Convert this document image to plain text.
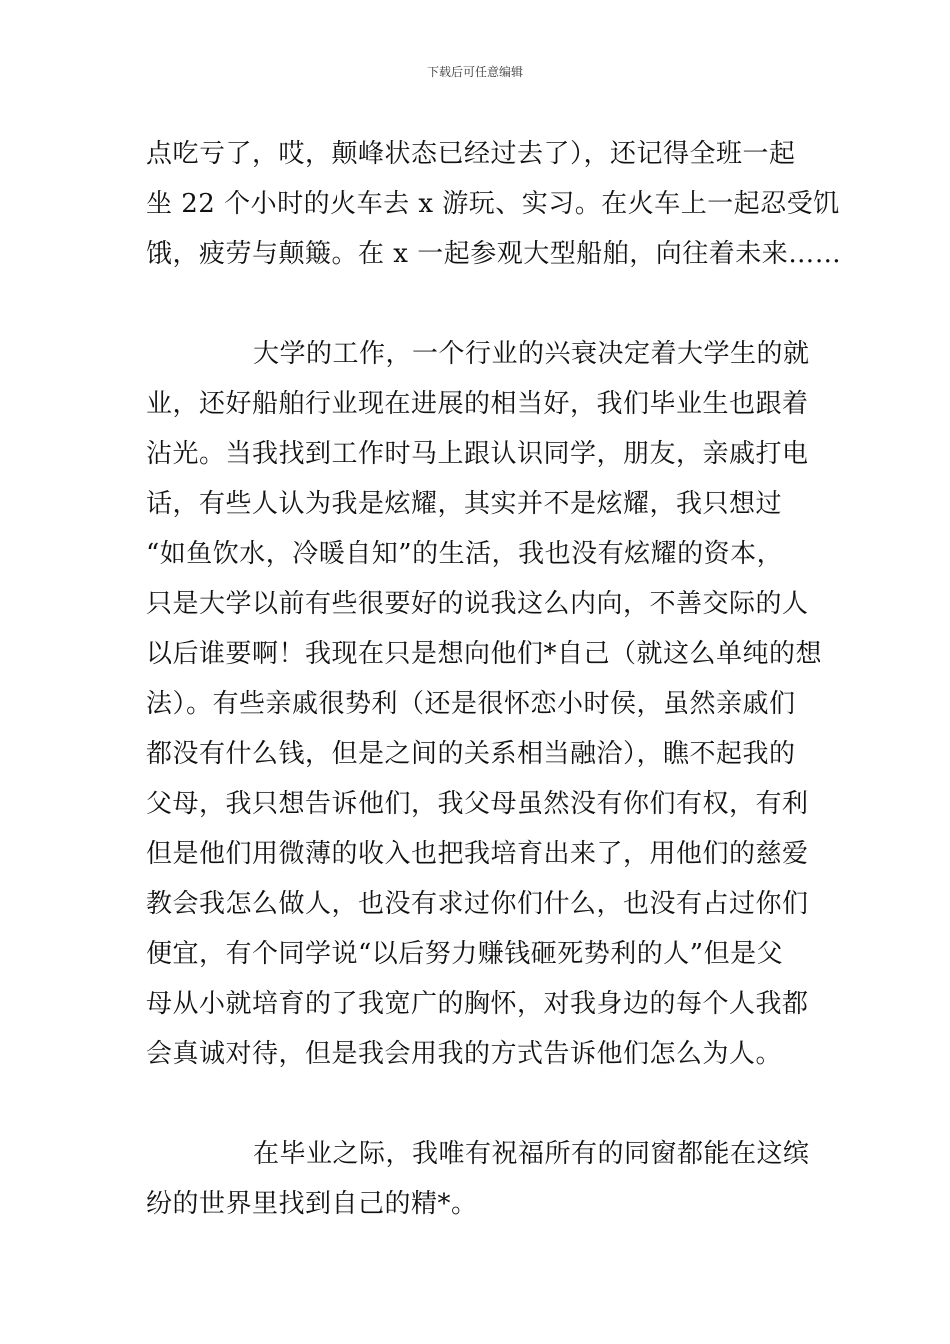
下载后可任意编辑
点吃亏了，哎，颠峰状态已经过去了），还记得全班一起
坐 22 个小时的火车去 x 游玩、实习。在火车上一起忍受饥
饿，疲劳与颠簸。在 x 一起参观大型船舶，向往着未来……
大学的工作，一个行业的兴衰决定着大学生的就
业，还好船舶行业现在进展的相当好，我们毕业生也跟着
沾光。当我找到工作时马上跟认识同学，朋友，亲戚打电
话，有些人认为我是炫耀，其实并不是炫耀，我只想过
“如鱼饮水，冷暖自知”的生活，我也没有炫耀的资本，
只是大学以前有些很要好的说我这么内向，不善交际的人
以后谁要啊！我现在只是想向他们*自己（就这么单纯的想
法）。有些亲戚很势利（还是很怀恋小时侯，虽然亲戚们
都没有什么钱，但是之间的关系相当融洽），瞧不起我的
父母，我只想告诉他们，我父母虽然没有你们有权，有利
但是他们用微薄的收入也把我培育出来了，用他们的慈爱
教会我怎么做人，也没有求过你们什么，也没有占过你们
便宜，有个同学说“以后努力赚钱砸死势利的人”但是父
母从小就培育的了我宽广的胸怀，对我身边的每个人我都
会真诚对待，但是我会用我的方式告诉他们怎么为人。
在毕业之际，我唯有祝福所有的同窗都能在这缤
纷的世界里找到自己的精*。
